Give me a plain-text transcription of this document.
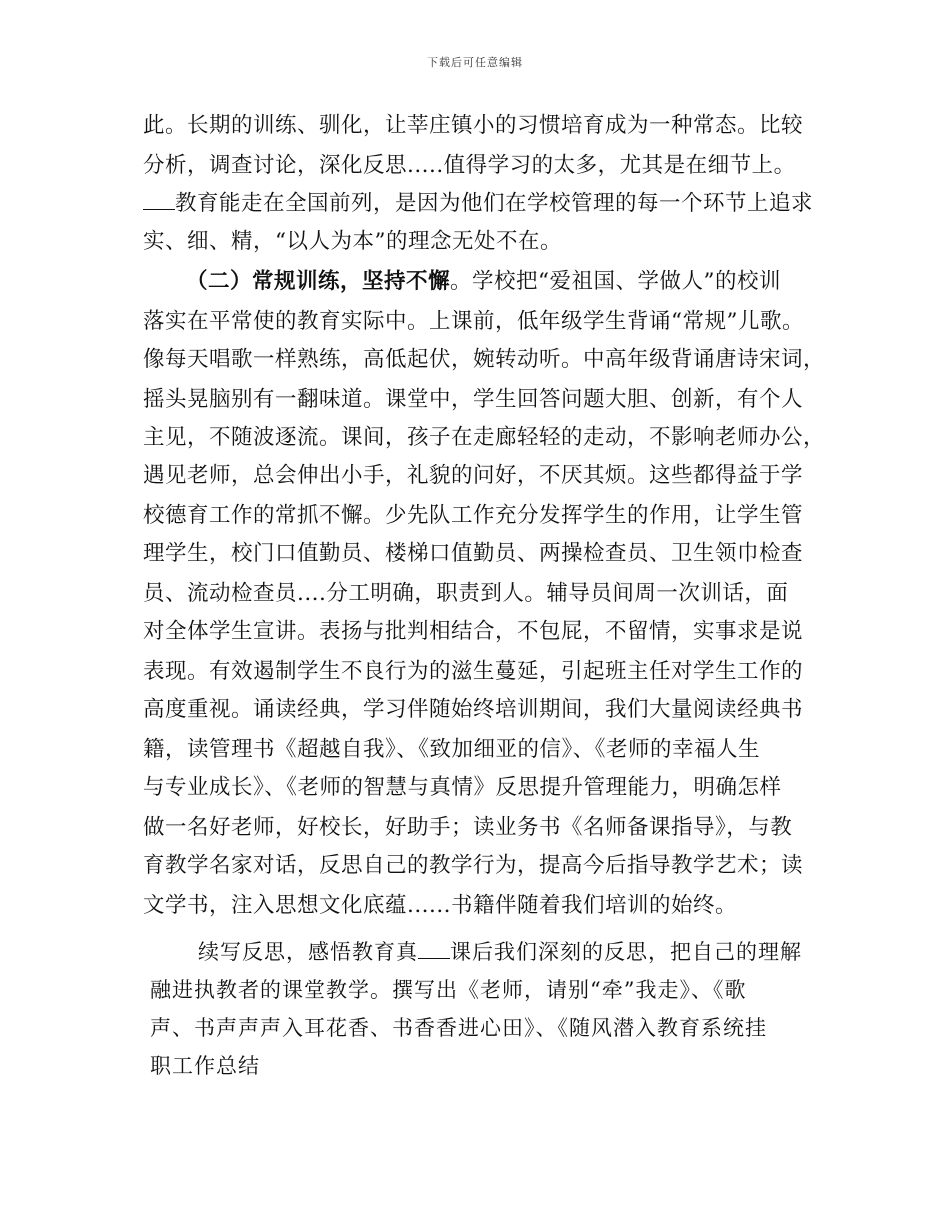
下载后可任意编辑
此。长期的训练、驯化，让莘庄镇小的习惯培育成为一种常态。比较
分析，调查讨论，深化反思.....值得学习的太多，尤其是在细节上。
教育能走在全国前列，是因为他们在学校管理的每一个环节上追求
实、细、精，“以人为本”的理念无处不在。
（二）常规训练，坚持不懈。学校把“爱祖国、学做人”的校训
落实在平常使的教育实际中。上课前，低年级学生背诵“常规”儿歌。
像每天唱歌一样熟练，高低起伏，婉转动听。中高年级背诵唐诗宋词，
摇头晃脑别有一翻味道。课堂中，学生回答问题大胆、创新，有个人
主见，不随波逐流。课间，孩子在走廊轻轻的走动，不影响老师办公，
遇见老师，总会伸出小手，礼貌的问好，不厌其烦。这些都得益于学
校德育工作的常抓不懈。少先队工作充分发挥学生的作用，让学生管
理学生，校门口值勤员、楼梯口值勤员、两操检查员、卫生领巾检查
员、流动检查员....分工明确，职责到人。辅导员间周一次训话，面
对全体学生宣讲。表扬与批判相结合，不包屁，不留情，实事求是说
表现。有效遏制学生不良行为的滋生蔓延，引起班主任对学生工作的
高度重视。诵读经典，学习伴随始终培训期间，我们大量阅读经典书
籍，读管理书《超越自我》、《致加细亚的信》、《老师的幸福人生
与专业成长》、《老师的智慧与真情》反思提升管理能力，明确怎样
做一名好老师，好校长，好助手；读业务书《名师备课指导》，与教
育教学名家对话，反思自己的教学行为，提高今后指导教学艺术；读
文学书，注入思想文化底蕴......书籍伴随着我们培训的始终。
续写反思，感悟教育真 课后我们深刻的反思，把自己的理解
融进执教者的课堂教学。撰写出《老师，请别“牵”我走》、《歌
声、书声声声入耳花香、书香香进心田》、《随风潜入教育系统挂
职工作总结
